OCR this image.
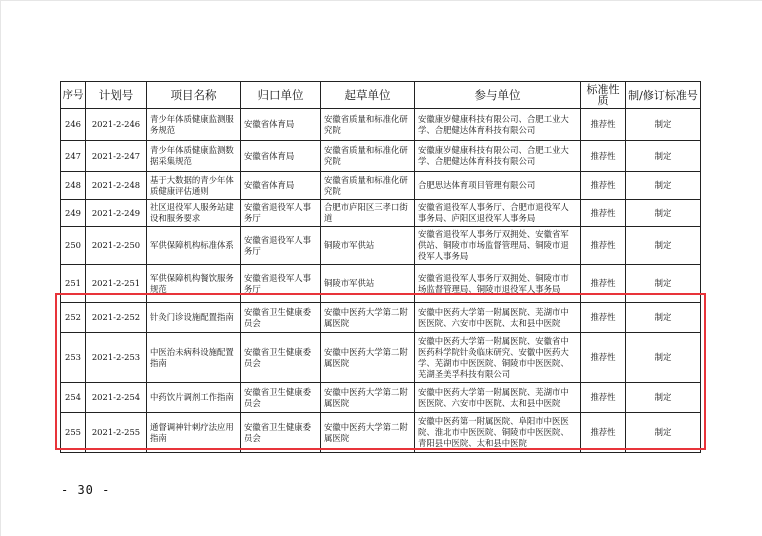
序号	计划号	项目名称	归口单位	起草单位	参与单位	标准性质	制/修订标准号
246	2021-2-246	青少年体质健康监测服务规范	安徽省体育局	安徽省质量和标准化研究院	安徽康岁健康科技有限公司、合肥工业大学、合肥健达体育科技有限公司	推荐性	制定
247	2021-2-247	青少年体质健康监测数据采集规范	安徽省体育局	安徽省质量和标准化研究院	安徽康岁健康科技有限公司、合肥工业大学、合肥健达体育科技有限公司	推荐性	制定
248	2021-2-248	基于大数据的青少年体质健康评估通则	安徽省体育局	安徽省质量和标准化研究院	合肥思达体育项目管理有限公司	推荐性	制定
249	2021-2-249	社区退役军人服务站建设和服务要求	安徽省退役军人事务厅	合肥市庐阳区三孝口街道	安徽省退役军人事务厅、合肥市退役军人事务局、庐阳区退役军人事务局	推荐性	制定
250	2021-2-250	军供保障机构标准体系	安徽省退役军人事务厅	铜陵市军供站	安徽省退役军人事务厅双拥处、安徽省军供站、铜陵市市场监督管理局、铜陵市退役军人事务局	推荐性	制定
251	2021-2-251	军供保障机构餐饮服务规范	安徽省退役军人事务厅	铜陵市军供站	安徽省退役军人事务厅双拥处、铜陵市市场监督管理局、铜陵市退役军人事务局	推荐性	制定
252	2021-2-252	针灸门诊设施配置指南	安徽省卫生健康委员会	安徽中医药大学第二附属医院	安徽中医药大学第一附属医院、芜湖市中医医院、六安市中医院、太和县中医院	推荐性	制定
253	2021-2-253	中医治未病科设施配置指南	安徽省卫生健康委员会	安徽中医药大学第二附属医院	安徽中医药大学第一附属医院、安徽省中医药科学院针灸临床研究、安徽中医药大学、芜湖市中医医院、铜陵市中医医院、芜湖圣美孚科技有限公司	推荐性	制定
254	2021-2-254	中药饮片调剂工作指南	安徽省卫生健康委员会	安徽中医药大学第二附属医院	安徽中医药大学第一附属医院、芜湖市中医医院、六安市中医院、太和县中医院	推荐性	制定
255	2021-2-255	通督调神针刺疗法应用指南	安徽省卫生健康委员会	安徽中医药大学第二附属医院	安徽中医药第一附属医院、阜阳市中医医院、淮北市中医医院、铜陵市中医医院、青阳县中医院、太和县中医院	推荐性	制定
- 30 -
